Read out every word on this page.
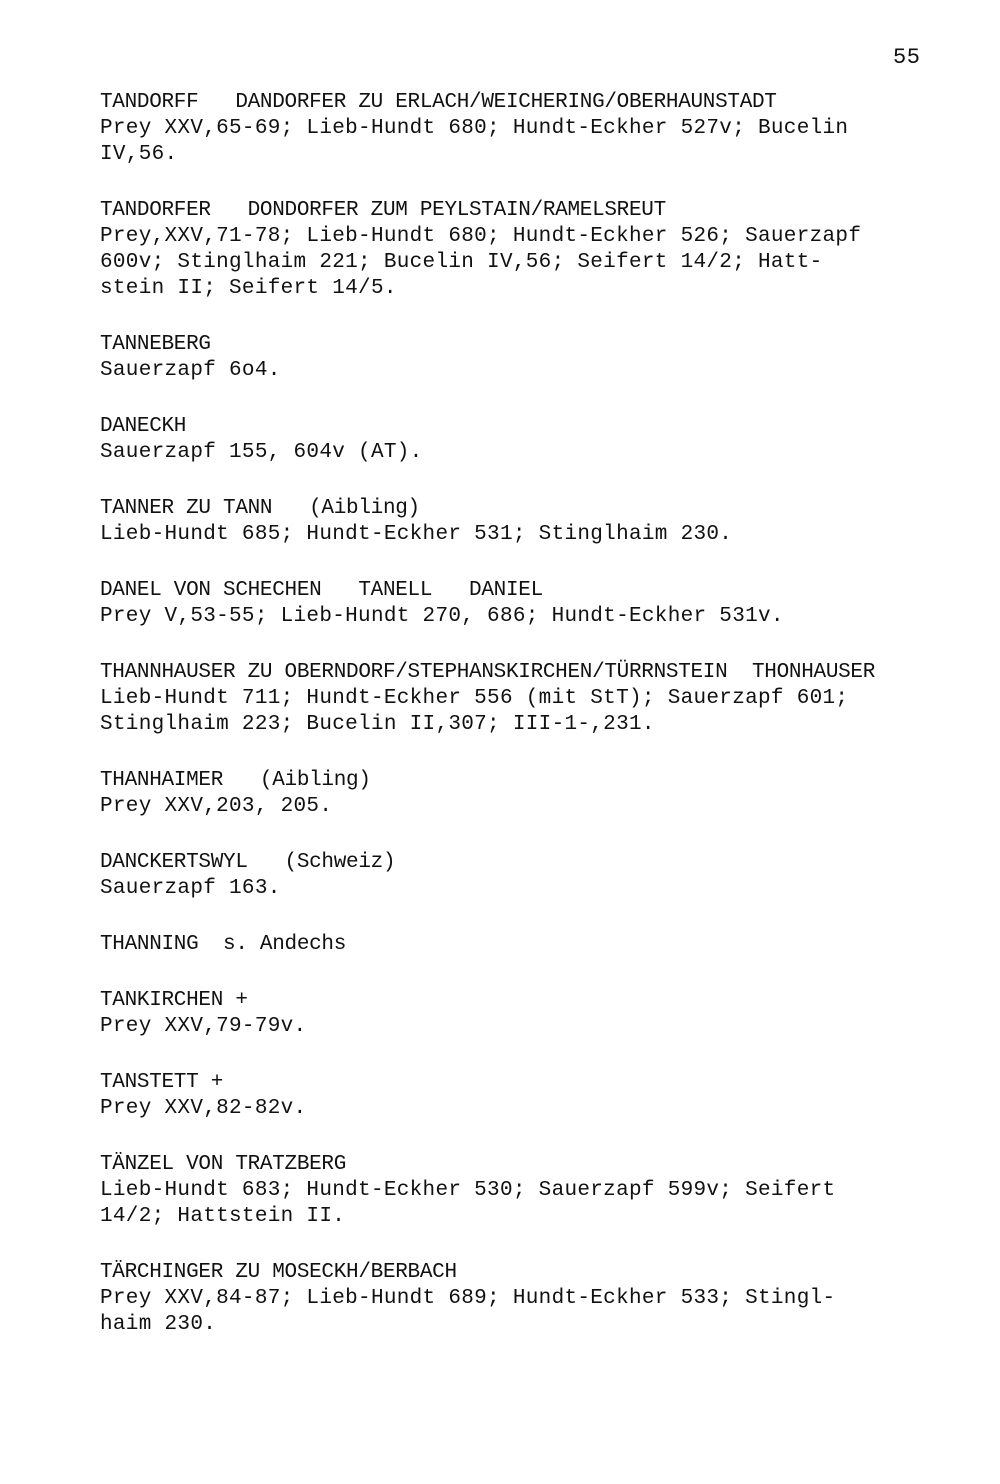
55
TANDORFF   DANDORFER ZU ERLACH/WEICHERING/OBERHAUNSTADT
Prey XXV,65-69; Lieb-Hundt 680; Hundt-Eckher 527v; Bucelin
IV,56.
TANDORFER   DONDORFER ZUM PEYLSTAIN/RAMELSREUT
Prey,XXV,71-78; Lieb-Hundt 680; Hundt-Eckher 526; Sauerzapf
600v; Stinglhaim 221; Bucelin IV,56; Seifert 14/2; Hatt-
stein II; Seifert 14/5.
TANNEBERG
Sauerzapf 6o4.
DANECKH
Sauerzapf 155, 604v (AT).
TANNER ZU TANN   (Aibling)
Lieb-Hundt 685; Hundt-Eckher 531; Stinglhaim 230.
DANEL VON SCHECHEN   TANELL   DANIEL
Prey V,53-55; Lieb-Hundt 270, 686; Hundt-Eckher 531v.
THANNHAUSER ZU OBERNDORF/STEPHANSKIRCHEN/TÜRRNSTEIN  THONHAUSER
Lieb-Hundt 711; Hundt-Eckher 556 (mit StT); Sauerzapf 601;
Stinglhaim 223; Bucelin II,307; III-1-,231.
THANHAIMER   (Aibling)
Prey XXV,203, 205.
DANCKERTSWYL   (Schweiz)
Sauerzapf 163.
THANNING  s. Andechs
TANKIRCHEN +
Prey XXV,79-79v.
TANSTETT +
Prey XXV,82-82v.
TÄNZEL VON TRATZBERG
Lieb-Hundt 683; Hundt-Eckher 530; Sauerzapf 599v; Seifert
14/2; Hattstein II.
TÄRCHINGER ZU MOSECKH/BERBACH
Prey XXV,84-87; Lieb-Hundt 689; Hundt-Eckher 533; Stingl-
haim 230.
